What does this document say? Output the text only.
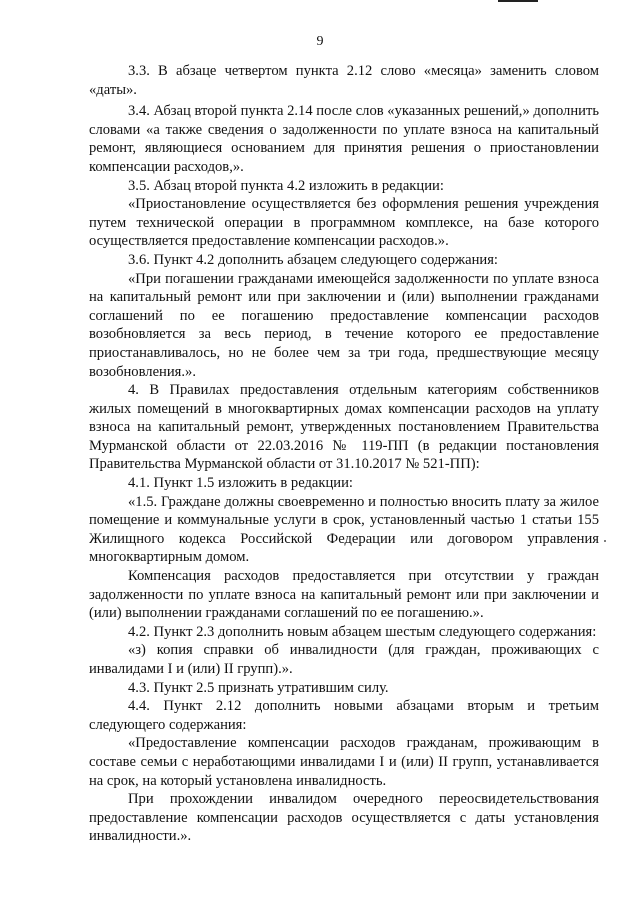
9

3.3. В абзаце четвертом пункта 2.12 слово «месяца» заменить словом «даты».

3.4. Абзац второй пункта 2.14 после слов «указанных решений,» дополнить словами «а также сведения о задолженности по уплате взноса на капитальный ремонт, являющиеся основанием для принятия решения о приостановлении компенсации расходов,».

3.5. Абзац второй пункта 4.2 изложить в редакции:

«Приостановление осуществляется без оформления решения учреждения путем технической операции в программном комплексе, на базе которого осуществляется предоставление компенсации расходов.».

3.6. Пункт 4.2 дополнить абзацем следующего содержания:

«При погашении гражданами имеющейся задолженности по уплате взноса на капитальный ремонт или при заключении и (или) выполнении гражданами соглашений по ее погашению предоставление компенсации расходов возобновляется за весь период, в течение которого ее предоставление приостанавливалось, но не более чем за три года, предшествующие месяцу возобновления.».

4. В Правилах предоставления отдельным категориям собственников жилых помещений в многоквартирных домах компенсации расходов на уплату взноса на капитальный ремонт, утвержденных постановлением Правительства Мурманской области от 22.03.2016 № 119-ПП (в редакции постановления Правительства Мурманской области от 31.10.2017 № 521-ПП):

4.1. Пункт 1.5 изложить в редакции:

«1.5. Граждане должны своевременно и полностью вносить плату за жилое помещение и коммунальные услуги в срок, установленный частью 1 статьи 155 Жилищного кодекса Российской Федерации или договором управления многоквартирным домом.

Компенсация расходов предоставляется при отсутствии у граждан задолженности по уплате взноса на капитальный ремонт или при заключении и (или) выполнении гражданами соглашений по ее погашению.».

4.2. Пункт 2.3 дополнить новым абзацем шестым следующего содержания:

«з) копия справки об инвалидности (для граждан, проживающих с инвалидами I и (или) II групп).».

4.3. Пункт 2.5 признать утратившим силу.

4.4. Пункт 2.12 дополнить новыми абзацами вторым и третьим следующего содержания:

«Предоставление компенсации расходов гражданам, проживающим в составе семьи с неработающими инвалидами I и (или) II групп, устанавливается на срок, на который установлена инвалидность.

При прохождении инвалидом очередного переосвидетельствования предоставление компенсации расходов осуществляется с даты установления инвалидности.».
